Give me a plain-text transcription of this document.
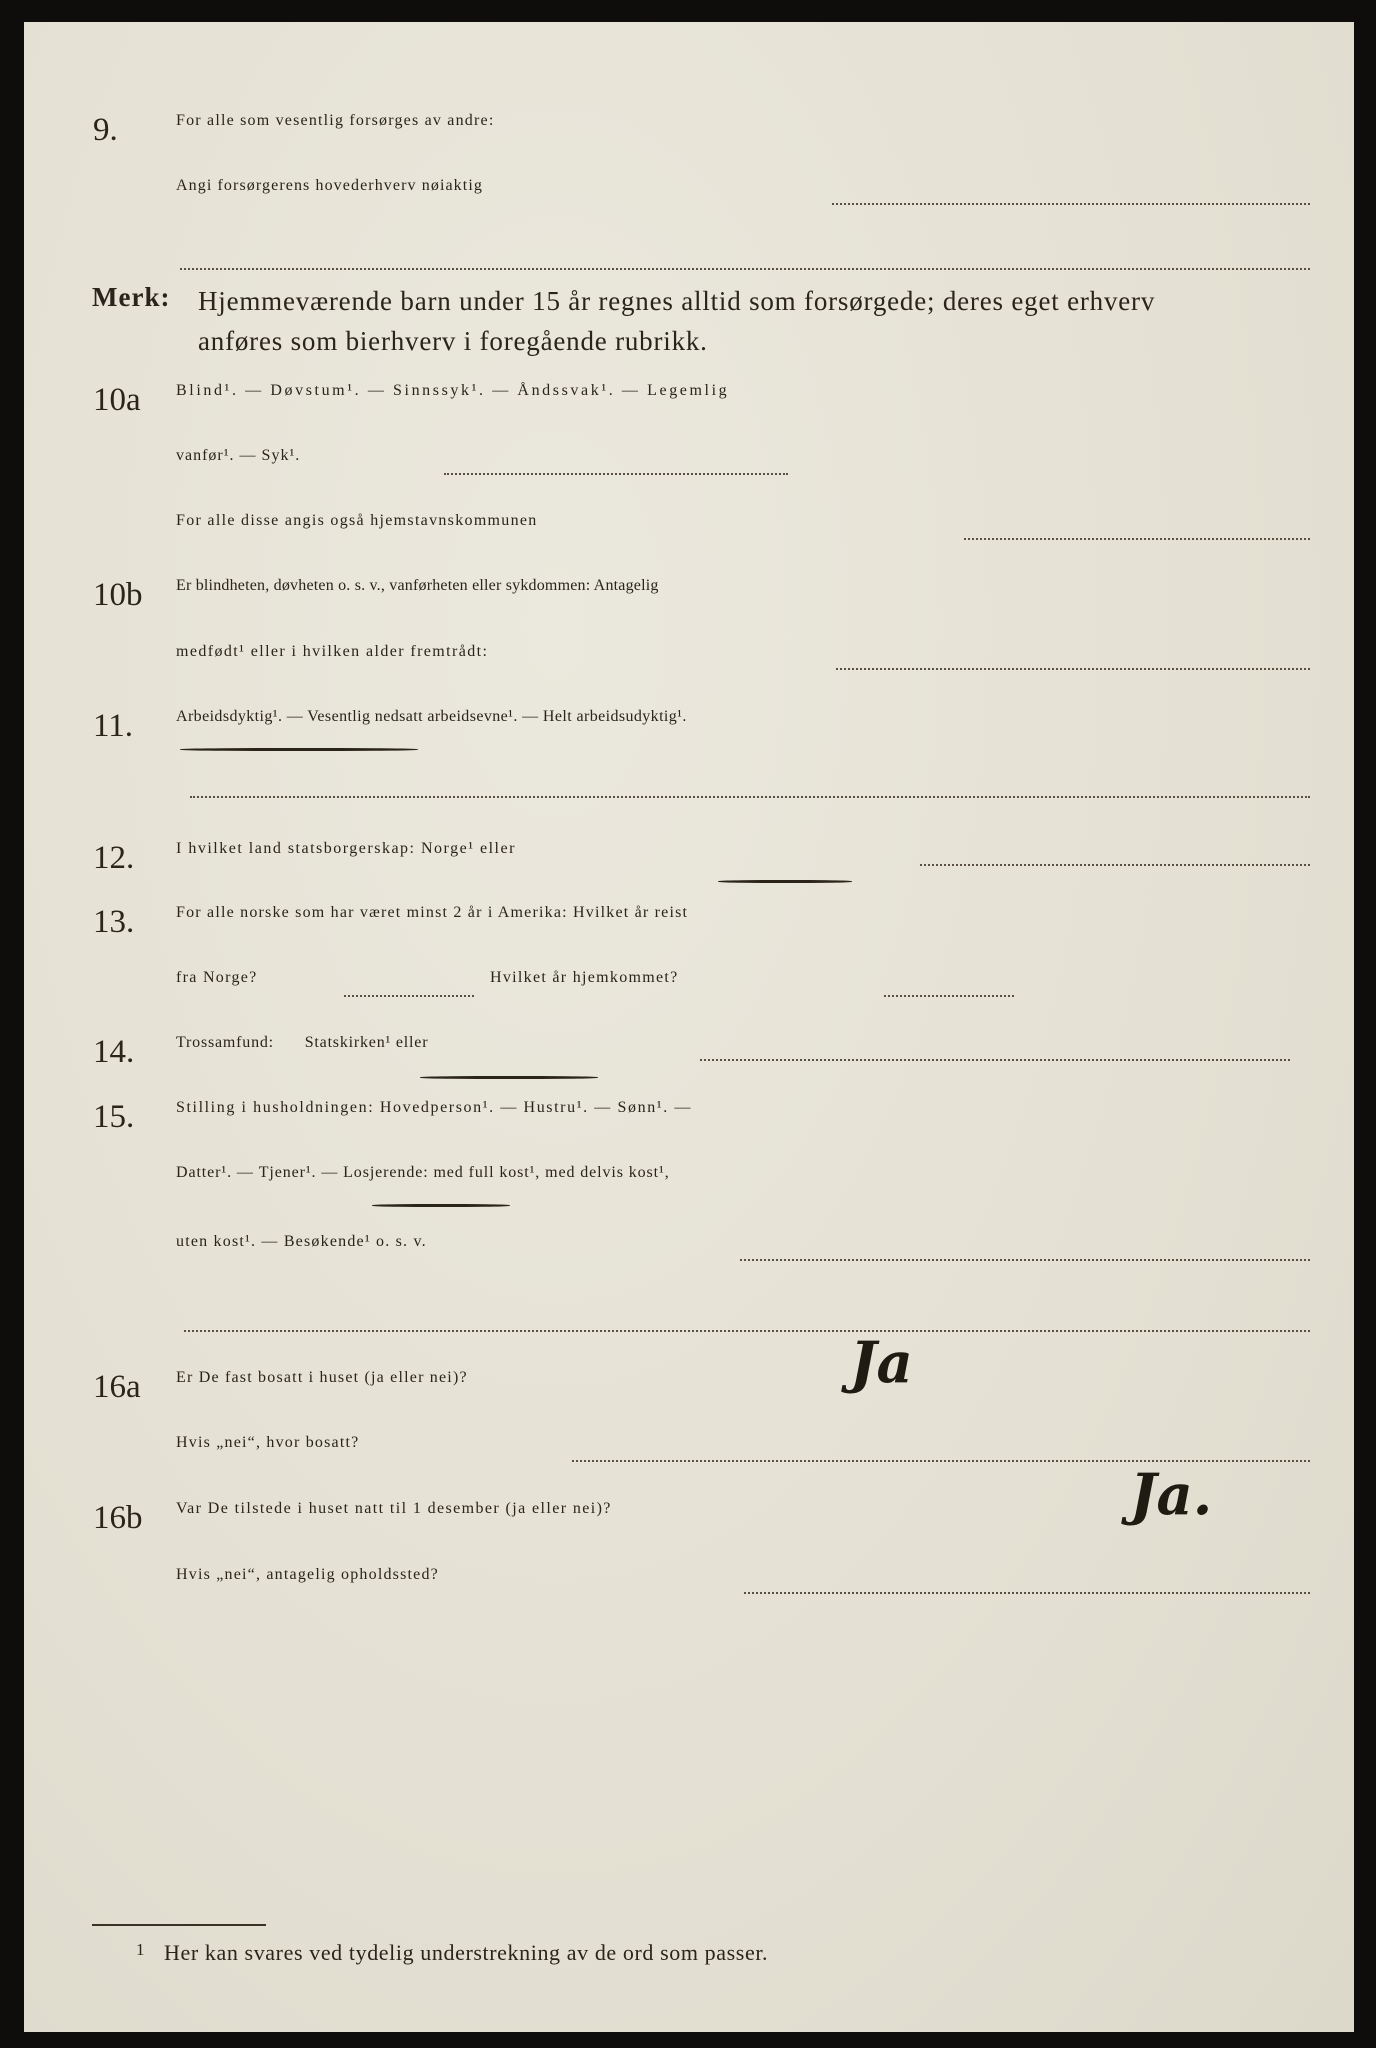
9.	For alle som vesentlig forsørges av andre:
Angi forsørgerens hovederhverv nøiaktig
Merk: Hjemmeværende barn under 15 år regnes alltid som forsørgede; deres eget erhverv
anføres som bierhverv i foregående rubrikk.
10a	Blind¹. — Døvstum¹. — Sinnssyk¹. — Åndssvak¹. — Legemlig
vanfør¹. — Syk¹.
For alle disse angis også hjemstavnskommunen
10b	Er blindheten, døvheten o. s. v., vanførheten eller sykdommen: Antagelig
medfødt¹ eller i hvilken alder fremtrådt:
11.	Arbeidsdyktig¹. — Vesentlig nedsatt arbeidsevne¹. — Helt arbeidsudyktig¹.
12.	I hvilket land statsborgerskap: Norge¹ eller
13.	For alle norske som har været minst 2 år i Amerika: Hvilket år reist
fra Norge?	Hvilket år hjemkommet?
14.	Trossamfund: Statskirken¹ eller
15.	Stilling i husholdningen: Hovedperson¹. — Hustru¹. — Sønn¹. —
Datter¹. — Tjener¹. — Losjerende: med full kost¹, med delvis kost¹,
uten kost¹. — Besøkende¹ o. s. v.
16a	Er De fast bosatt i huset (ja eller nei)?	Ja
Hvis „nei“, hvor bosatt?
16b	Var De tilstede i huset natt til 1 desember (ja eller nei)?	Ja.
Hvis „nei“, antagelig opholdssted?
1 Her kan svares ved tydelig understrekning av de ord som passer.
